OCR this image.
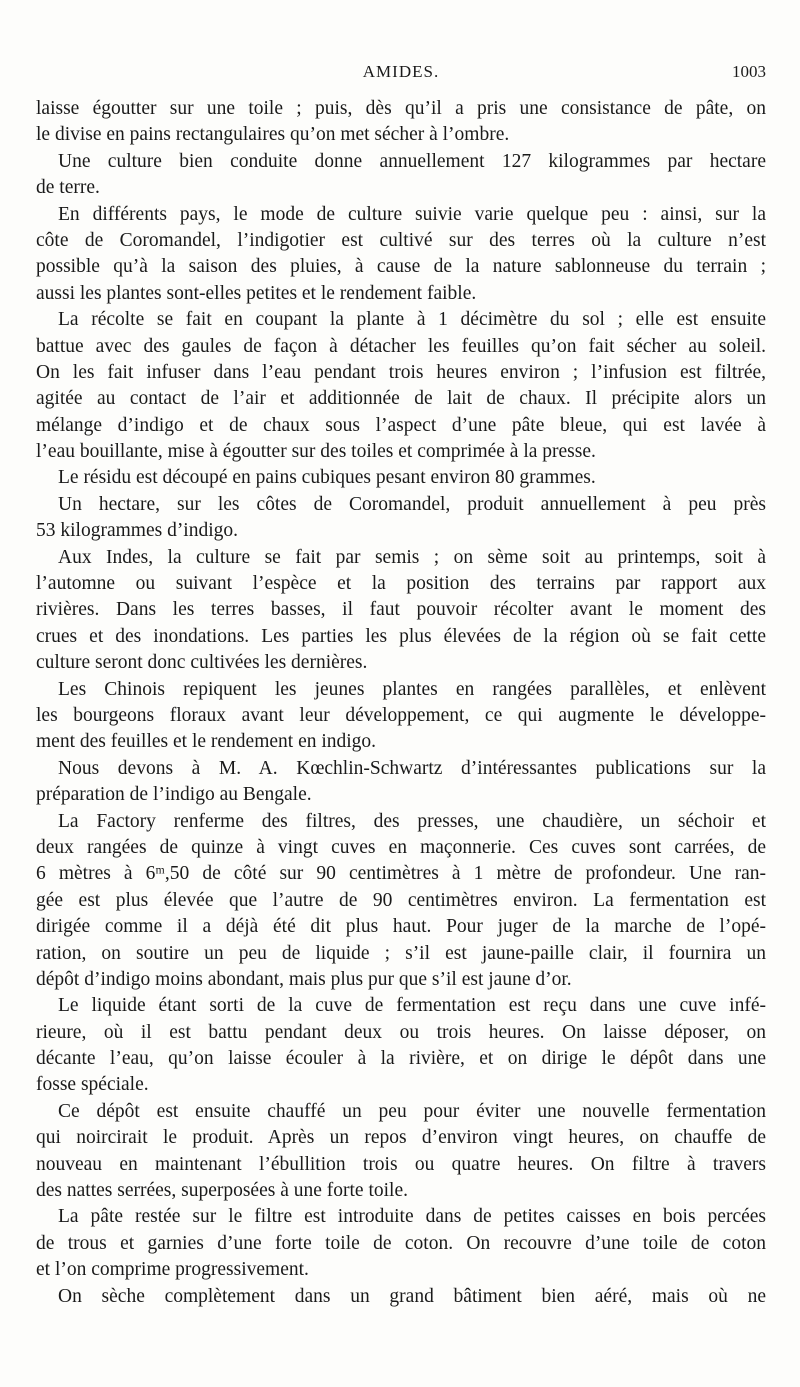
AMIDES.	1003
laisse égoutter sur une toile ; puis, dès qu’il a pris une consistance de pâte, on
le divise en pains rectangulaires qu’on met sécher à l’ombre.
Une culture bien conduite donne annuellement 127 kilogrammes par hectare
de terre.
En différents pays, le mode de culture suivie varie quelque peu : ainsi, sur la
côte de Coromandel, l’indigotier est cultivé sur des terres où la culture n’est
possible qu’à la saison des pluies, à cause de la nature sablonneuse du terrain ;
aussi les plantes sont-elles petites et le rendement faible.
La récolte se fait en coupant la plante à 1 décimètre du sol ; elle est ensuite
battue avec des gaules de façon à détacher les feuilles qu’on fait sécher au soleil.
On les fait infuser dans l’eau pendant trois heures environ ; l’infusion est filtrée,
agitée au contact de l’air et additionnée de lait de chaux. Il précipite alors un
mélange d’indigo et de chaux sous l’aspect d’une pâte bleue, qui est lavée à
l’eau bouillante, mise à égoutter sur des toiles et comprimée à la presse.
Le résidu est découpé en pains cubiques pesant environ 80 grammes.
Un hectare, sur les côtes de Coromandel, produit annuellement à peu près
53 kilogrammes d’indigo.
Aux Indes, la culture se fait par semis ; on sème soit au printemps, soit à
l’automne ou suivant l’espèce et la position des terrains par rapport aux
rivières. Dans les terres basses, il faut pouvoir récolter avant le moment des
crues et des inondations. Les parties les plus élevées de la région où se fait cette
culture seront donc cultivées les dernières.
Les Chinois repiquent les jeunes plantes en rangées parallèles, et enlèvent
les bourgeons floraux avant leur développement, ce qui augmente le développe-
ment des feuilles et le rendement en indigo.
Nous devons à M. A. Kœchlin-Schwartz d’intéressantes publications sur la
préparation de l’indigo au Bengale.
La Factory renferme des filtres, des presses, une chaudière, un séchoir et
deux rangées de quinze à vingt cuves en maçonnerie. Ces cuves sont carrées, de
6 mètres à 6ᵐ,50 de côté sur 90 centimètres à 1 mètre de profondeur. Une ran-
gée est plus élevée que l’autre de 90 centimètres environ. La fermentation est
dirigée comme il a déjà été dit plus haut. Pour juger de la marche de l’opé-
ration, on soutire un peu de liquide ; s’il est jaune-paille clair, il fournira un
dépôt d’indigo moins abondant, mais plus pur que s’il est jaune d’or.
Le liquide étant sorti de la cuve de fermentation est reçu dans une cuve infé-
rieure, où il est battu pendant deux ou trois heures. On laisse déposer, on
décante l’eau, qu’on laisse écouler à la rivière, et on dirige le dépôt dans une
fosse spéciale.
Ce dépôt est ensuite chauffé un peu pour éviter une nouvelle fermentation
qui noircirait le produit. Après un repos d’environ vingt heures, on chauffe de
nouveau en maintenant l’ébullition trois ou quatre heures. On filtre à travers
des nattes serrées, superposées à une forte toile.
La pâte restée sur le filtre est introduite dans de petites caisses en bois percées
de trous et garnies d’une forte toile de coton. On recouvre d’une toile de coton
et l’on comprime progressivement.
On sèche complètement dans un grand bâtiment bien aéré, mais où ne
